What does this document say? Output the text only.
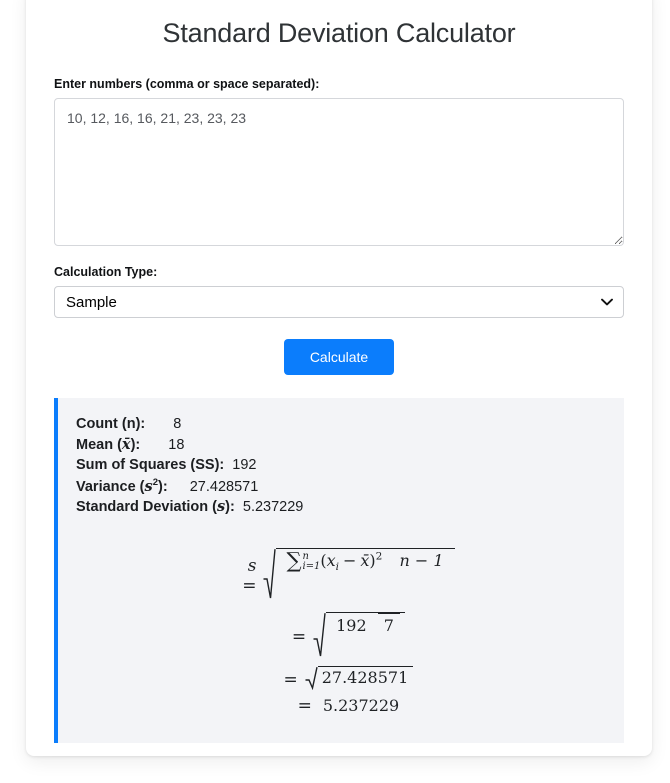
Standard Deviation Calculator
Enter numbers (comma or space separated):
10, 12, 16, 16, 21, 23, 23, 23
Calculation Type:
Sample
Calculate
Count (n): 8
Mean (x̄): 18
Sum of Squares (SS): 192
Variance $(s^2)$: 27.428571
Standard Deviation (s): 5.237229
s =
∑ n
i=1 ($x_i$ − x̄)$^2$ n − 1
=
192 7
=	27.428571
= 5.237229
